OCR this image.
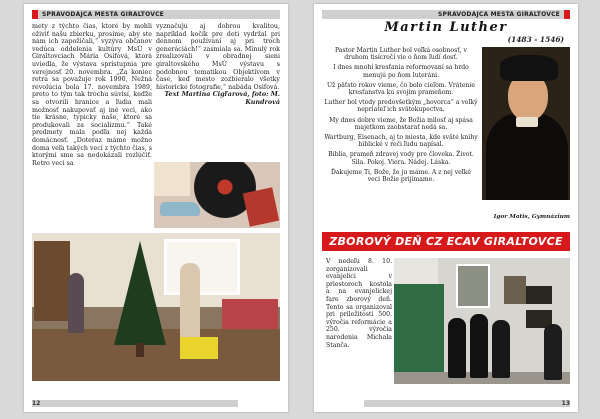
SPRAVODAJCA MESTA GIRALTOVCE

mety z týchto čias, ktoré by mohli oživiť našu zbierku, prosíme, aby ste nám ich zapožičali,“ vyzýva občanov vedúca oddelenia kultúry MsÚ v Giraltovciach Mária Osifová, ktorá uviedla, že výstava sprístupnia pre verejnosť 20. novembra. „Za koniec retra sa považuje rok 1990, Nežná revolúcia bola 17. novembra 1989, preto to tým tak trochu súvisí, keďže sa otvorili hranice a ľudia mali možnosť nakupovať aj iné veci, ako tie krásne, typicky naše, ktoré sa produkovali za socializmu.“ Také predmety mala podľa nej každá domácnosť. „Doteraz máme možno doma veľa takých vecí z týchto čias, s ktorými sme sa nedokázali rozlúčiť. Retro veci sa

vyznačujú aj dobrou kvalitou, napríklad kočík pre deti vydržal pri dennom používaní aj pri troch generáciách!“ zasmiala sa. Minulý rok zrealizovali v obradnej sieni giraltovského MsÚ výstavu s podobnou tematikou Objektívom v čase, keď mesto zozbieralo všetky historické fotografie,“ nabáda Osifová.

Text Martina Cigľarová, foto: M. Kundrová

12
SPRAVODAJCA MESTA GIRALTOVCE
Martin Luther
(1483 - 1546)

Pastor Martin Luther bol veľká osobnosť, v druhom tisícročí vie o ňom ľudí dosť.

I dnes mnohí kresťania reformovaní sa hrdo menujú po ňom luteráni.

Už päťsto rokov vieme, čo bolo cieľom. Vrátenie kresťanstva ku svojím prameňom.

Luther bol vtedy predovšetkým „hovorca“ a veľký nepriateľ ich svätokupectva.

My dnes dobre vieme, že Božia milosť aj spása majetkom zaobstarať nedá sa.

Wartburg, Eisenach, aj to miesta, kde sväté knihy biblické v reči ľudu napísal.

Biblia, prameň zdravej vody pre človeka. Život. Sila. Pokoj. Viera. Nádej. Láska.

Ďakujeme Ti, Bože, že ju máme. A z nej veľké veci Božie prijímame.

Igor Matis, Gymnázium
ZBOROVÝ DEŇ CZ ECAV GIRALTOVCE
V nedeľu 8. 10. zorganizovali evanjelici v priestoroch kostola a na evanjelickej fare zborový deň. Tento sa organizoval pri príležitosti 500. výročia reformácie a 250. výročia narodenia Michala Stanča.
13
